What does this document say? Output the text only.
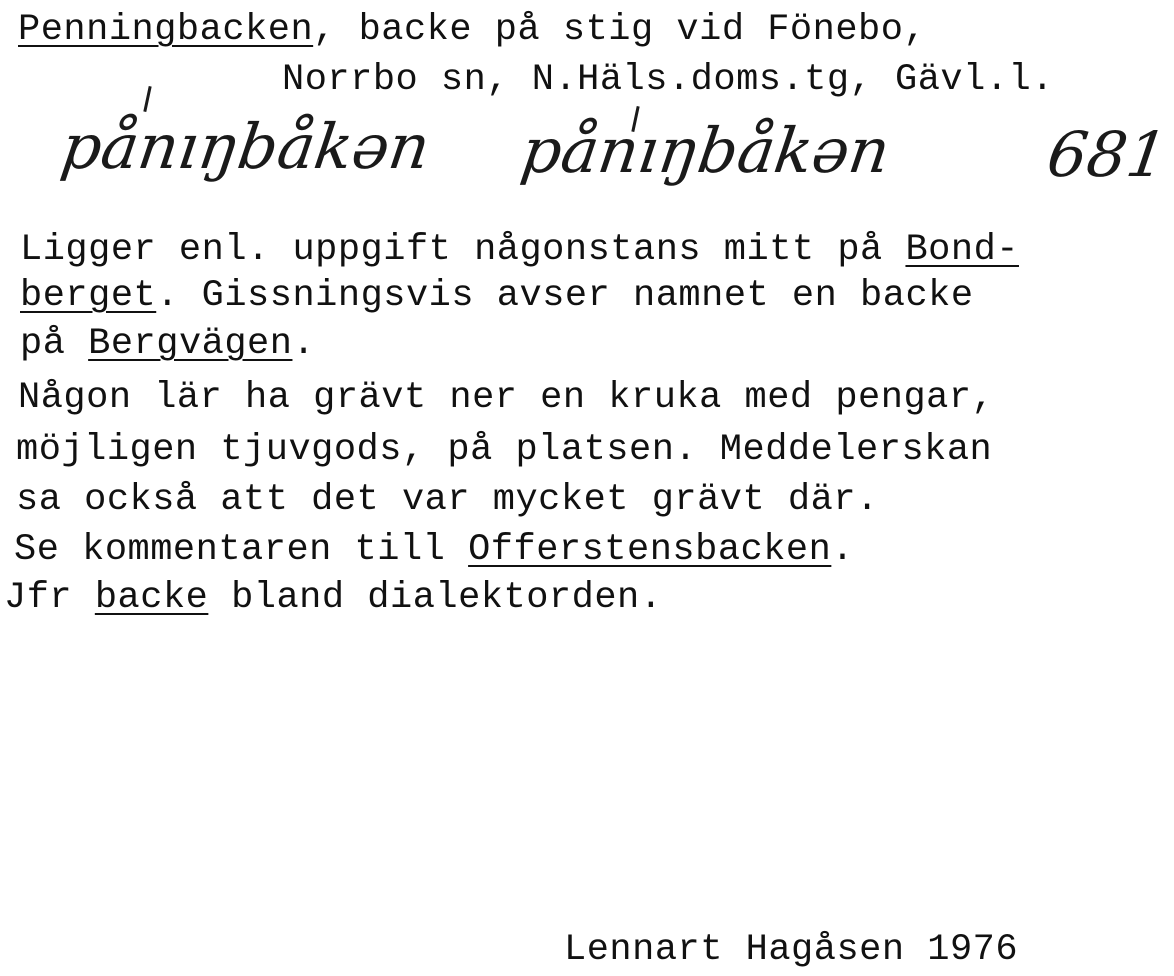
Penningbacken, backe på stig vid Fönebo,
Norrbo sn, N.Häls.doms.tg, Gävl.l.
pånıŋbåkən pånıŋbåkən 681
Ligger enl. uppgift någonstans mitt på Bond-
berget. Gissningsvis avser namnet en backe
på Bergvägen.
Någon lär ha grävt ner en kruka med pengar,
möjligen tjuvgods, på platsen. Meddelerskan
sa också att det var mycket grävt där.
Se kommentaren till Offerstensbacken.
Jfr backe bland dialektorden.
Lennart Hagåsen 1976
